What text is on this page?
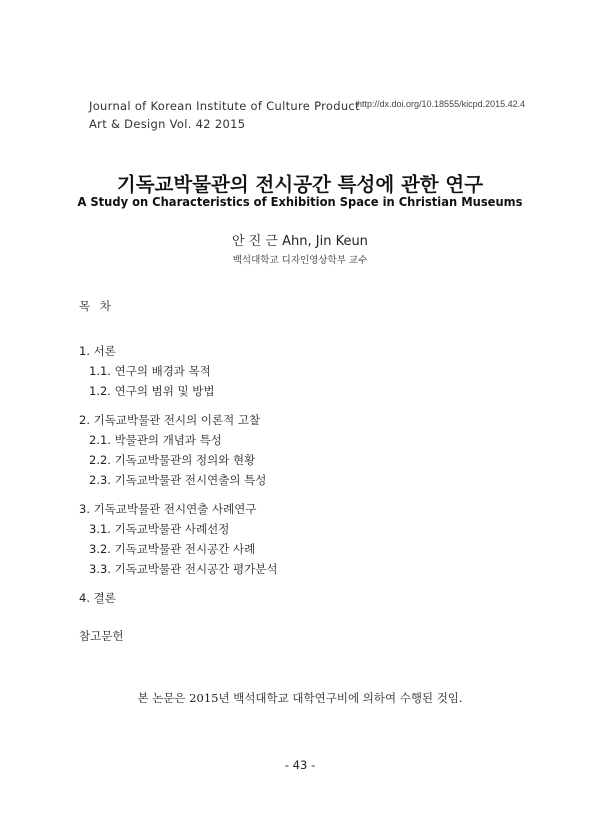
Journal of Korean Institute of Culture Product
Art & Design Vol. 42 2015
http://dx.doi.org/10.18555/kicpd.2015.42.4
기독교박물관의 전시공간 특성에 관한 연구
A Study on Characteristics of Exhibition Space in Christian Museums
안 진 근 Ahn, Jin Keun
백석대학교 디자인영상학부 교수
목 차
1. 서론
1.1. 연구의 배경과 목적
1.2. 연구의 범위 및 방법
2. 기독교박물관 전시의 이론적 고찰
2.1. 박물관의 개념과 특성
2.2. 기독교박물관의 정의와 현황
2.3. 기독교박물관 전시연출의 특성
3. 기독교박물관 전시연출 사례연구
3.1. 기독교박물관 사례선정
3.2. 기독교박물관 전시공간 사례
3.3. 기독교박물관 전시공간 평가분석
4. 결론
참고문헌
본 논문은 2015년 백석대학교 대학연구비에 의하여 수행된 것임.
- 43 -
